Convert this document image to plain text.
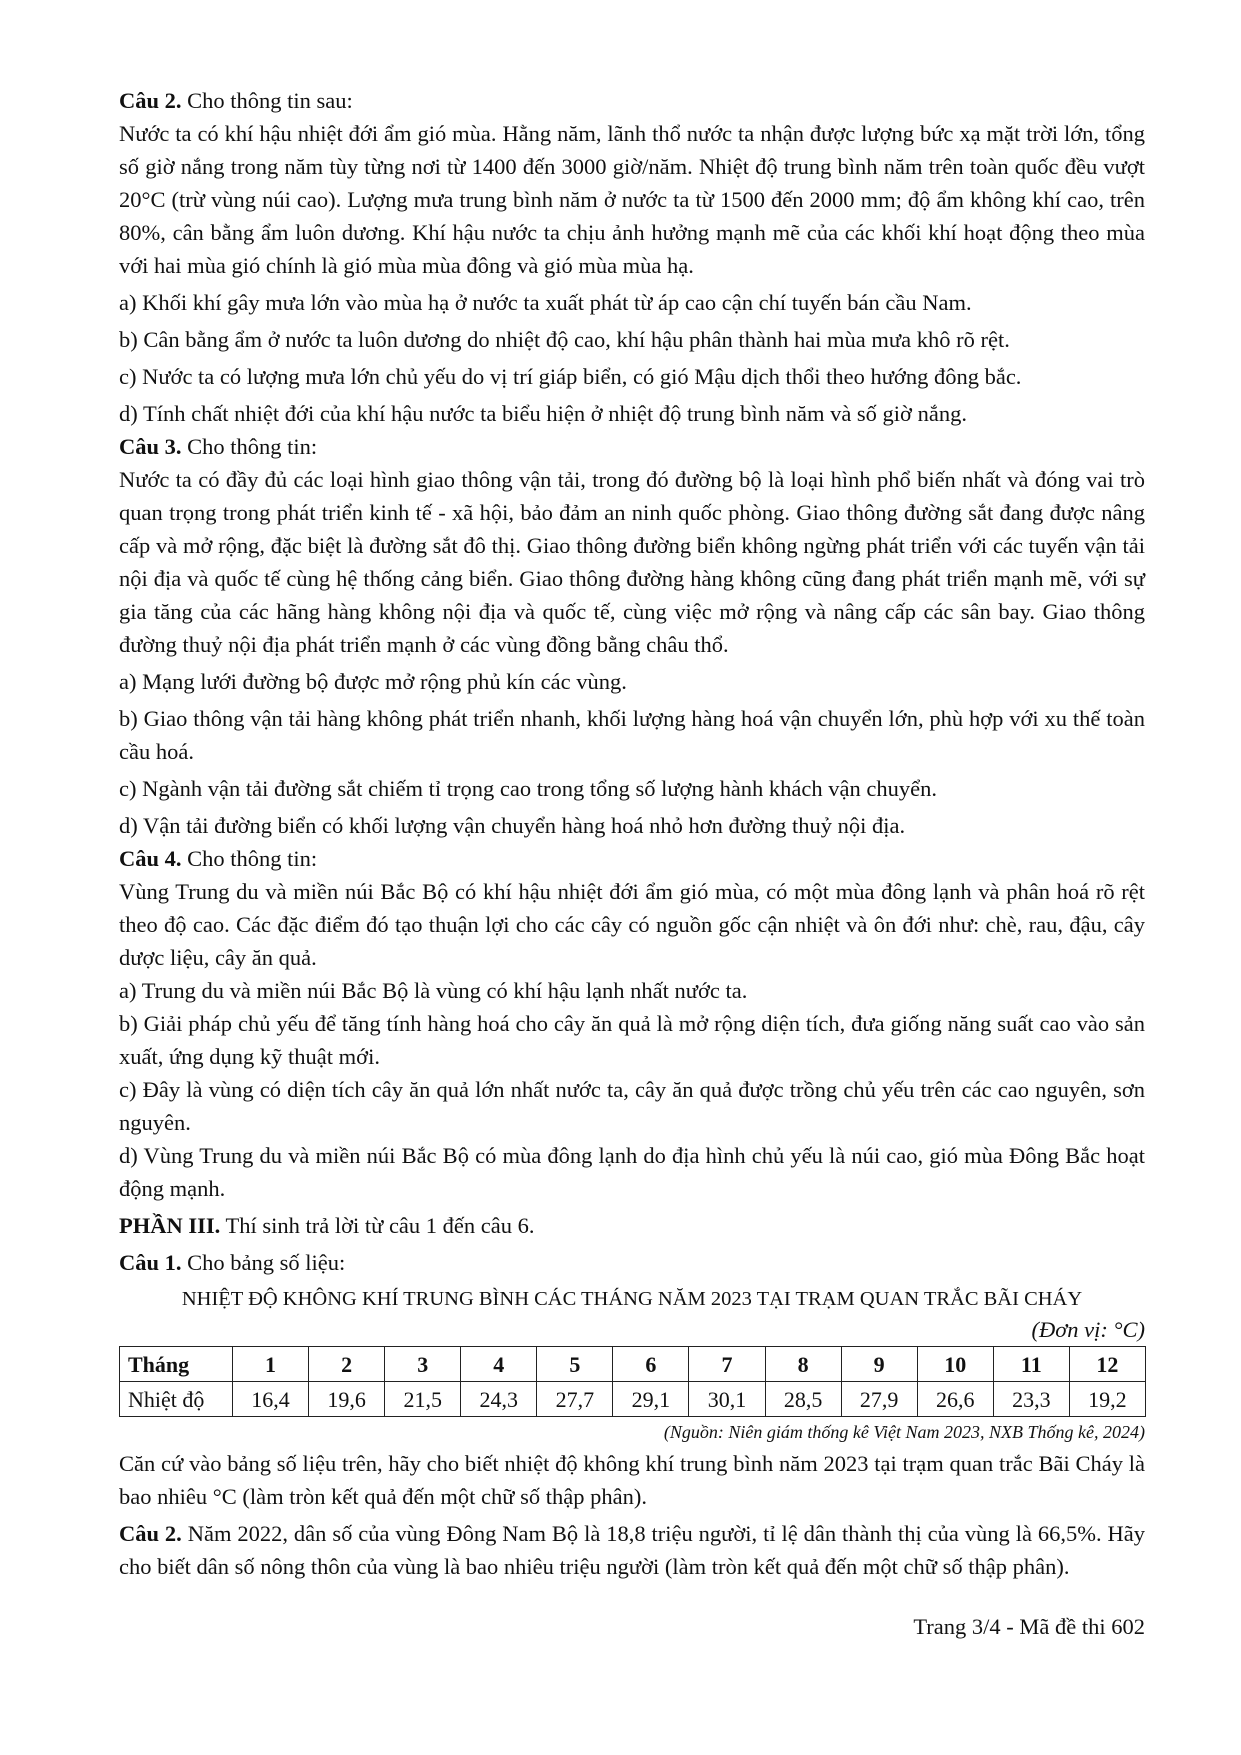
Câu 2. Cho thông tin sau:

Nước ta có khí hậu nhiệt đới ẩm gió mùa. Hằng năm, lãnh thổ nước ta nhận được lượng bức xạ mặt trời lớn, tổng số giờ nắng trong năm tùy từng nơi từ 1400 đến 3000 giờ/năm. Nhiệt độ trung bình năm trên toàn quốc đều vượt 20°C (trừ vùng núi cao). Lượng mưa trung bình năm ở nước ta từ 1500 đến 2000 mm; độ ẩm không khí cao, trên 80%, cân bằng ẩm luôn dương. Khí hậu nước ta chịu ảnh hưởng mạnh mẽ của các khối khí hoạt động theo mùa với hai mùa gió chính là gió mùa mùa đông và gió mùa mùa hạ.

a) Khối khí gây mưa lớn vào mùa hạ ở nước ta xuất phát từ áp cao cận chí tuyến bán cầu Nam.

b) Cân bằng ẩm ở nước ta luôn dương do nhiệt độ cao, khí hậu phân thành hai mùa mưa khô rõ rệt.

c) Nước ta có lượng mưa lớn chủ yếu do vị trí giáp biển, có gió Mậu dịch thổi theo hướng đông bắc.

d) Tính chất nhiệt đới của khí hậu nước ta biểu hiện ở nhiệt độ trung bình năm và số giờ nắng.

Câu 3. Cho thông tin:

Nước ta có đầy đủ các loại hình giao thông vận tải, trong đó đường bộ là loại hình phổ biến nhất và đóng vai trò quan trọng trong phát triển kinh tế - xã hội, bảo đảm an ninh quốc phòng. Giao thông đường sắt đang được nâng cấp và mở rộng, đặc biệt là đường sắt đô thị. Giao thông đường biển không ngừng phát triển với các tuyến vận tải nội địa và quốc tế cùng hệ thống cảng biển. Giao thông đường hàng không cũng đang phát triển mạnh mẽ, với sự gia tăng của các hãng hàng không nội địa và quốc tế, cùng việc mở rộng và nâng cấp các sân bay. Giao thông đường thuỷ nội địa phát triển mạnh ở các vùng đồng bằng châu thổ.

a) Mạng lưới đường bộ được mở rộng phủ kín các vùng.

b) Giao thông vận tải hàng không phát triển nhanh, khối lượng hàng hoá vận chuyển lớn, phù hợp với xu thế toàn cầu hoá.

c) Ngành vận tải đường sắt chiếm tỉ trọng cao trong tổng số lượng hành khách vận chuyển.

d) Vận tải đường biển có khối lượng vận chuyển hàng hoá nhỏ hơn đường thuỷ nội địa.

Câu 4. Cho thông tin:

Vùng Trung du và miền núi Bắc Bộ có khí hậu nhiệt đới ẩm gió mùa, có một mùa đông lạnh và phân hoá rõ rệt theo độ cao. Các đặc điểm đó tạo thuận lợi cho các cây có nguồn gốc cận nhiệt và ôn đới như: chè, rau, đậu, cây dược liệu, cây ăn quả.

a) Trung du và miền núi Bắc Bộ là vùng có khí hậu lạnh nhất nước ta.

b) Giải pháp chủ yếu để tăng tính hàng hoá cho cây ăn quả là mở rộng diện tích, đưa giống năng suất cao vào sản xuất, ứng dụng kỹ thuật mới.

c) Đây là vùng có diện tích cây ăn quả lớn nhất nước ta, cây ăn quả được trồng chủ yếu trên các cao nguyên, sơn nguyên.

d) Vùng Trung du và miền núi Bắc Bộ có mùa đông lạnh do địa hình chủ yếu là núi cao, gió mùa Đông Bắc hoạt động mạnh.

PHẦN III. Thí sinh trả lời từ câu 1 đến câu 6.

Câu 1. Cho bảng số liệu:

NHIỆT ĐỘ KHÔNG KHÍ TRUNG BÌNH CÁC THÁNG NĂM 2023 TẠI TRẠM QUAN TRẮC BÃI CHÁY

(Đơn vị: °C)

Tháng	1	2	3	4	5	6	7	8	9	10	11	12
Nhiệt độ	16,4	19,6	21,5	24,3	27,7	29,1	30,1	28,5	27,9	26,6	23,3	19,2

(Nguồn: Niên giám thống kê Việt Nam 2023, NXB Thống kê, 2024)

Căn cứ vào bảng số liệu trên, hãy cho biết nhiệt độ không khí trung bình năm 2023 tại trạm quan trắc Bãi Cháy là bao nhiêu °C (làm tròn kết quả đến một chữ số thập phân).

Câu 2. Năm 2022, dân số của vùng Đông Nam Bộ là 18,8 triệu người, tỉ lệ dân thành thị của vùng là 66,5%. Hãy cho biết dân số nông thôn của vùng là bao nhiêu triệu người (làm tròn kết quả đến một chữ số thập phân).

Trang 3/4 - Mã đề thi 602
